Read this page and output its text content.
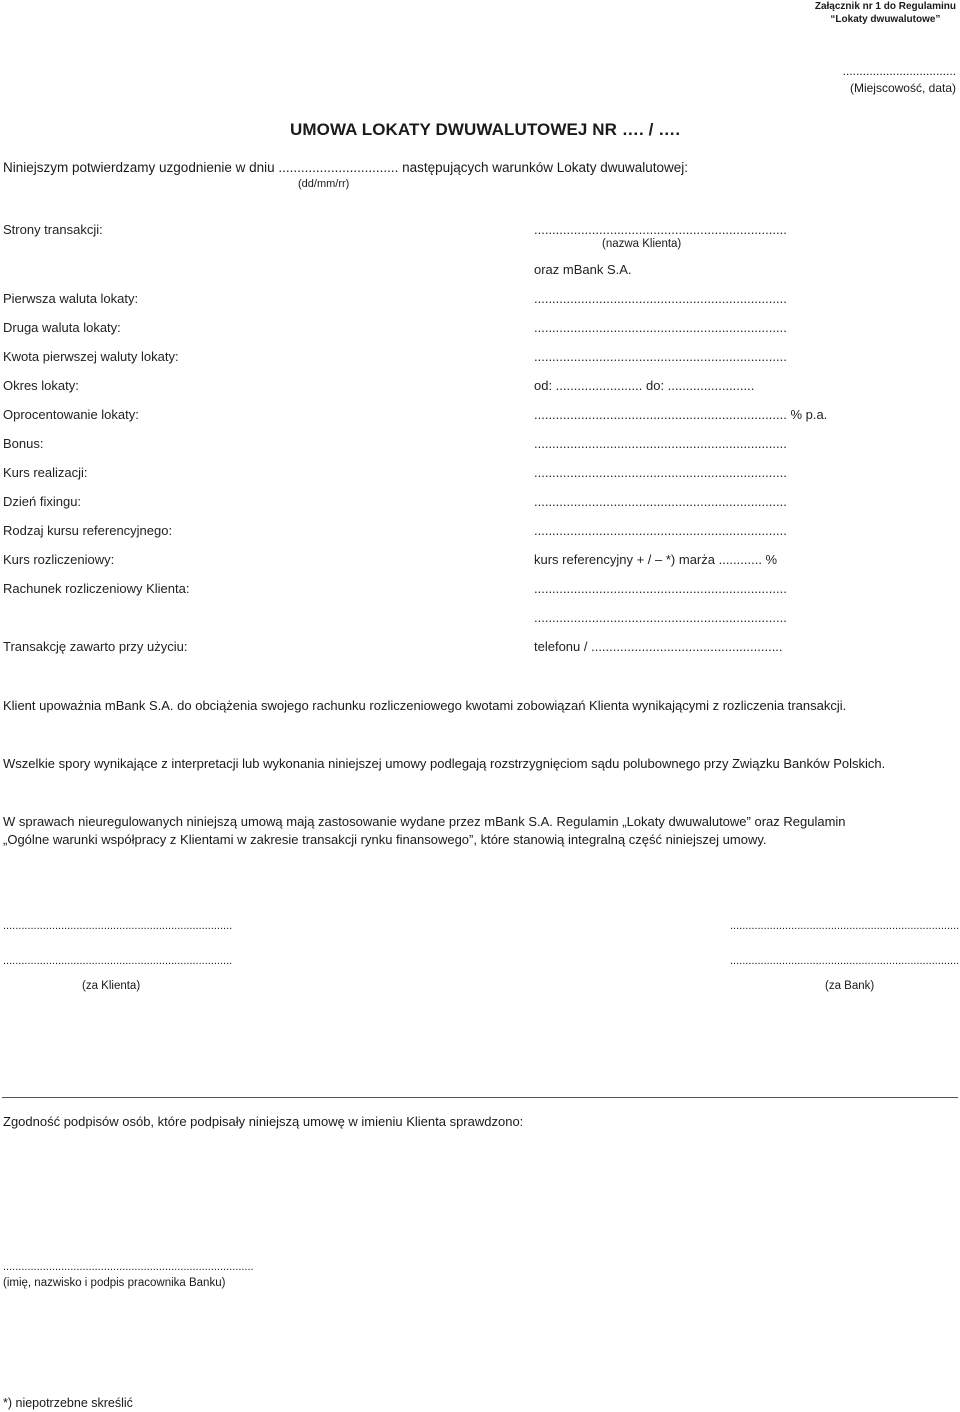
Załącznik nr 1 do Regulaminu
“Lokaty dwuwalutowe”
..................................
(Miejscowość, data)
UMOWA LOKATY DWUWALUTOWEJ NR …. / ….
Niniejszym potwierdzamy uzgodnienie w dniu ................................ następujących warunków Lokaty dwuwalutowej:
(dd/mm/rr)
Strony transakcji:	......................................................................
(nazwa Klienta)
oraz mBank S.A.
Pierwsza waluta lokaty:	......................................................................
Druga waluta lokaty:	......................................................................
Kwota pierwszej waluty lokaty:	......................................................................
Okres lokaty:	od: ........................ do: ........................
Oprocentowanie lokaty:	...................................................................... % p.a.
Bonus:	......................................................................
Kurs realizacji:	......................................................................
Dzień fixingu:	......................................................................
Rodzaj kursu referencyjnego:	......................................................................
Kurs rozliczeniowy:	kurs referencyjny + / – *) marża ............ %
Rachunek rozliczeniowy Klienta:	......................................................................
......................................................................
Transakcję zawarto przy użyciu:	telefonu / .....................................................
Klient upoważnia mBank S.A. do obciążenia swojego rachunku rozliczeniowego kwotami zobowiązań Klienta wynikającymi z rozliczenia transakcji.
Wszelkie spory wynikające z interpretacji lub wykonania niniejszej umowy podlegają rozstrzygnięciom sądu polubownego przy Związku Banków Polskich.
W sprawach nieuregulowanych niniejszą umową mają zastosowanie wydane przez mBank S.A. Regulamin „Lokaty dwuwalutowe” oraz Regulamin „Ogólne warunki współpracy z Klientami w zakresie transakcji rynku finansowego”, które stanowią integralną część niniejszej umowy.
...........................................................................
...........................................................................
...........................................................................
...........................................................................
(za Klienta)	(za Bank)
Zgodność podpisów osób, które podpisały niniejszą umowę w imieniu Klienta sprawdzono:
..................................................................................
(imię, nazwisko i podpis pracownika Banku)
*) niepotrzebne skreślić
